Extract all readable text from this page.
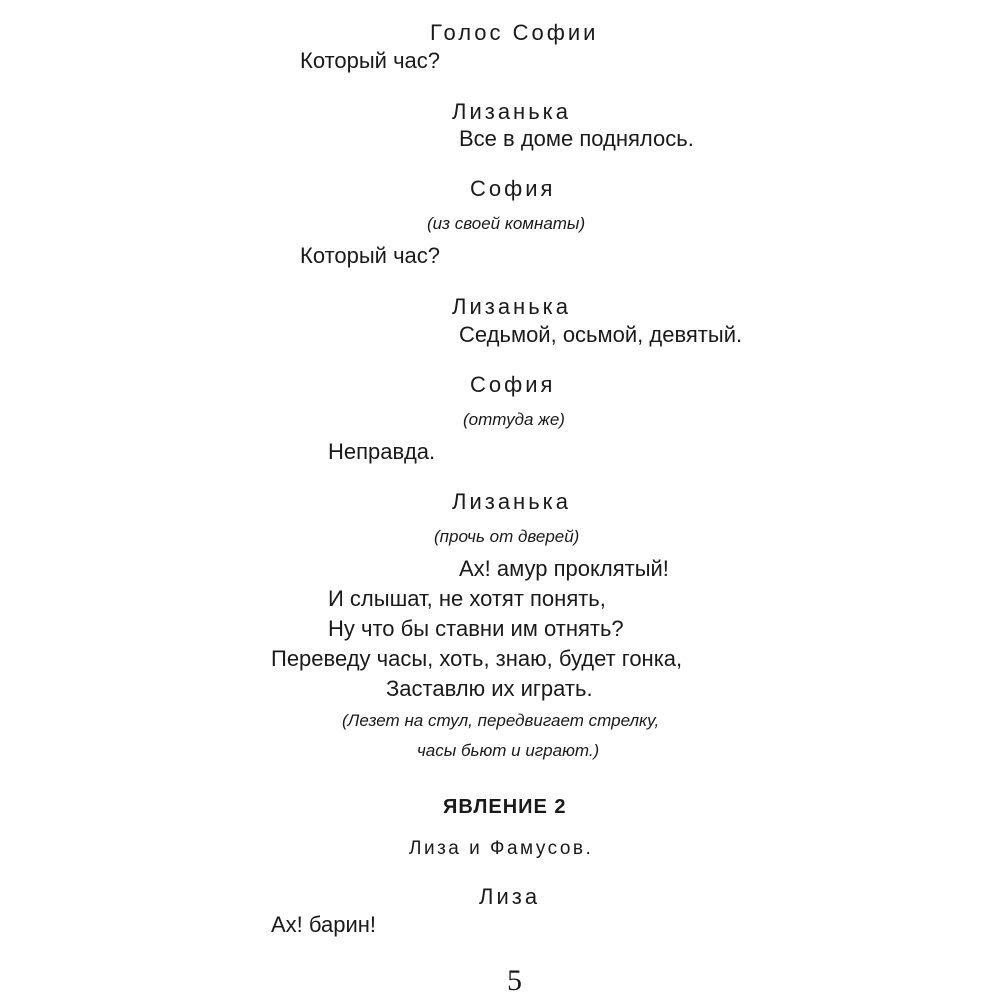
Голос Софии

Который час?

Лизанька

Все в доме поднялось.

София

(из своей комнаты)

Который час?

Лизанька

Седьмой, осьмой, девятый.

София

(оттуда же)

Неправда.

Лизанька

(прочь от дверей)

Ах! амур проклятый!

И слышат, не хотят понять,

Ну что бы ставни им отнять?

Переведу часы, хоть, знаю, будет гонка,

Заставлю их играть.

(Лезет на стул, передвигает стрелку,

часы бьют и играют.)

ЯВЛЕНИЕ 2

Лиза и Фамусов.

Лиза

Ах! барин!

5
